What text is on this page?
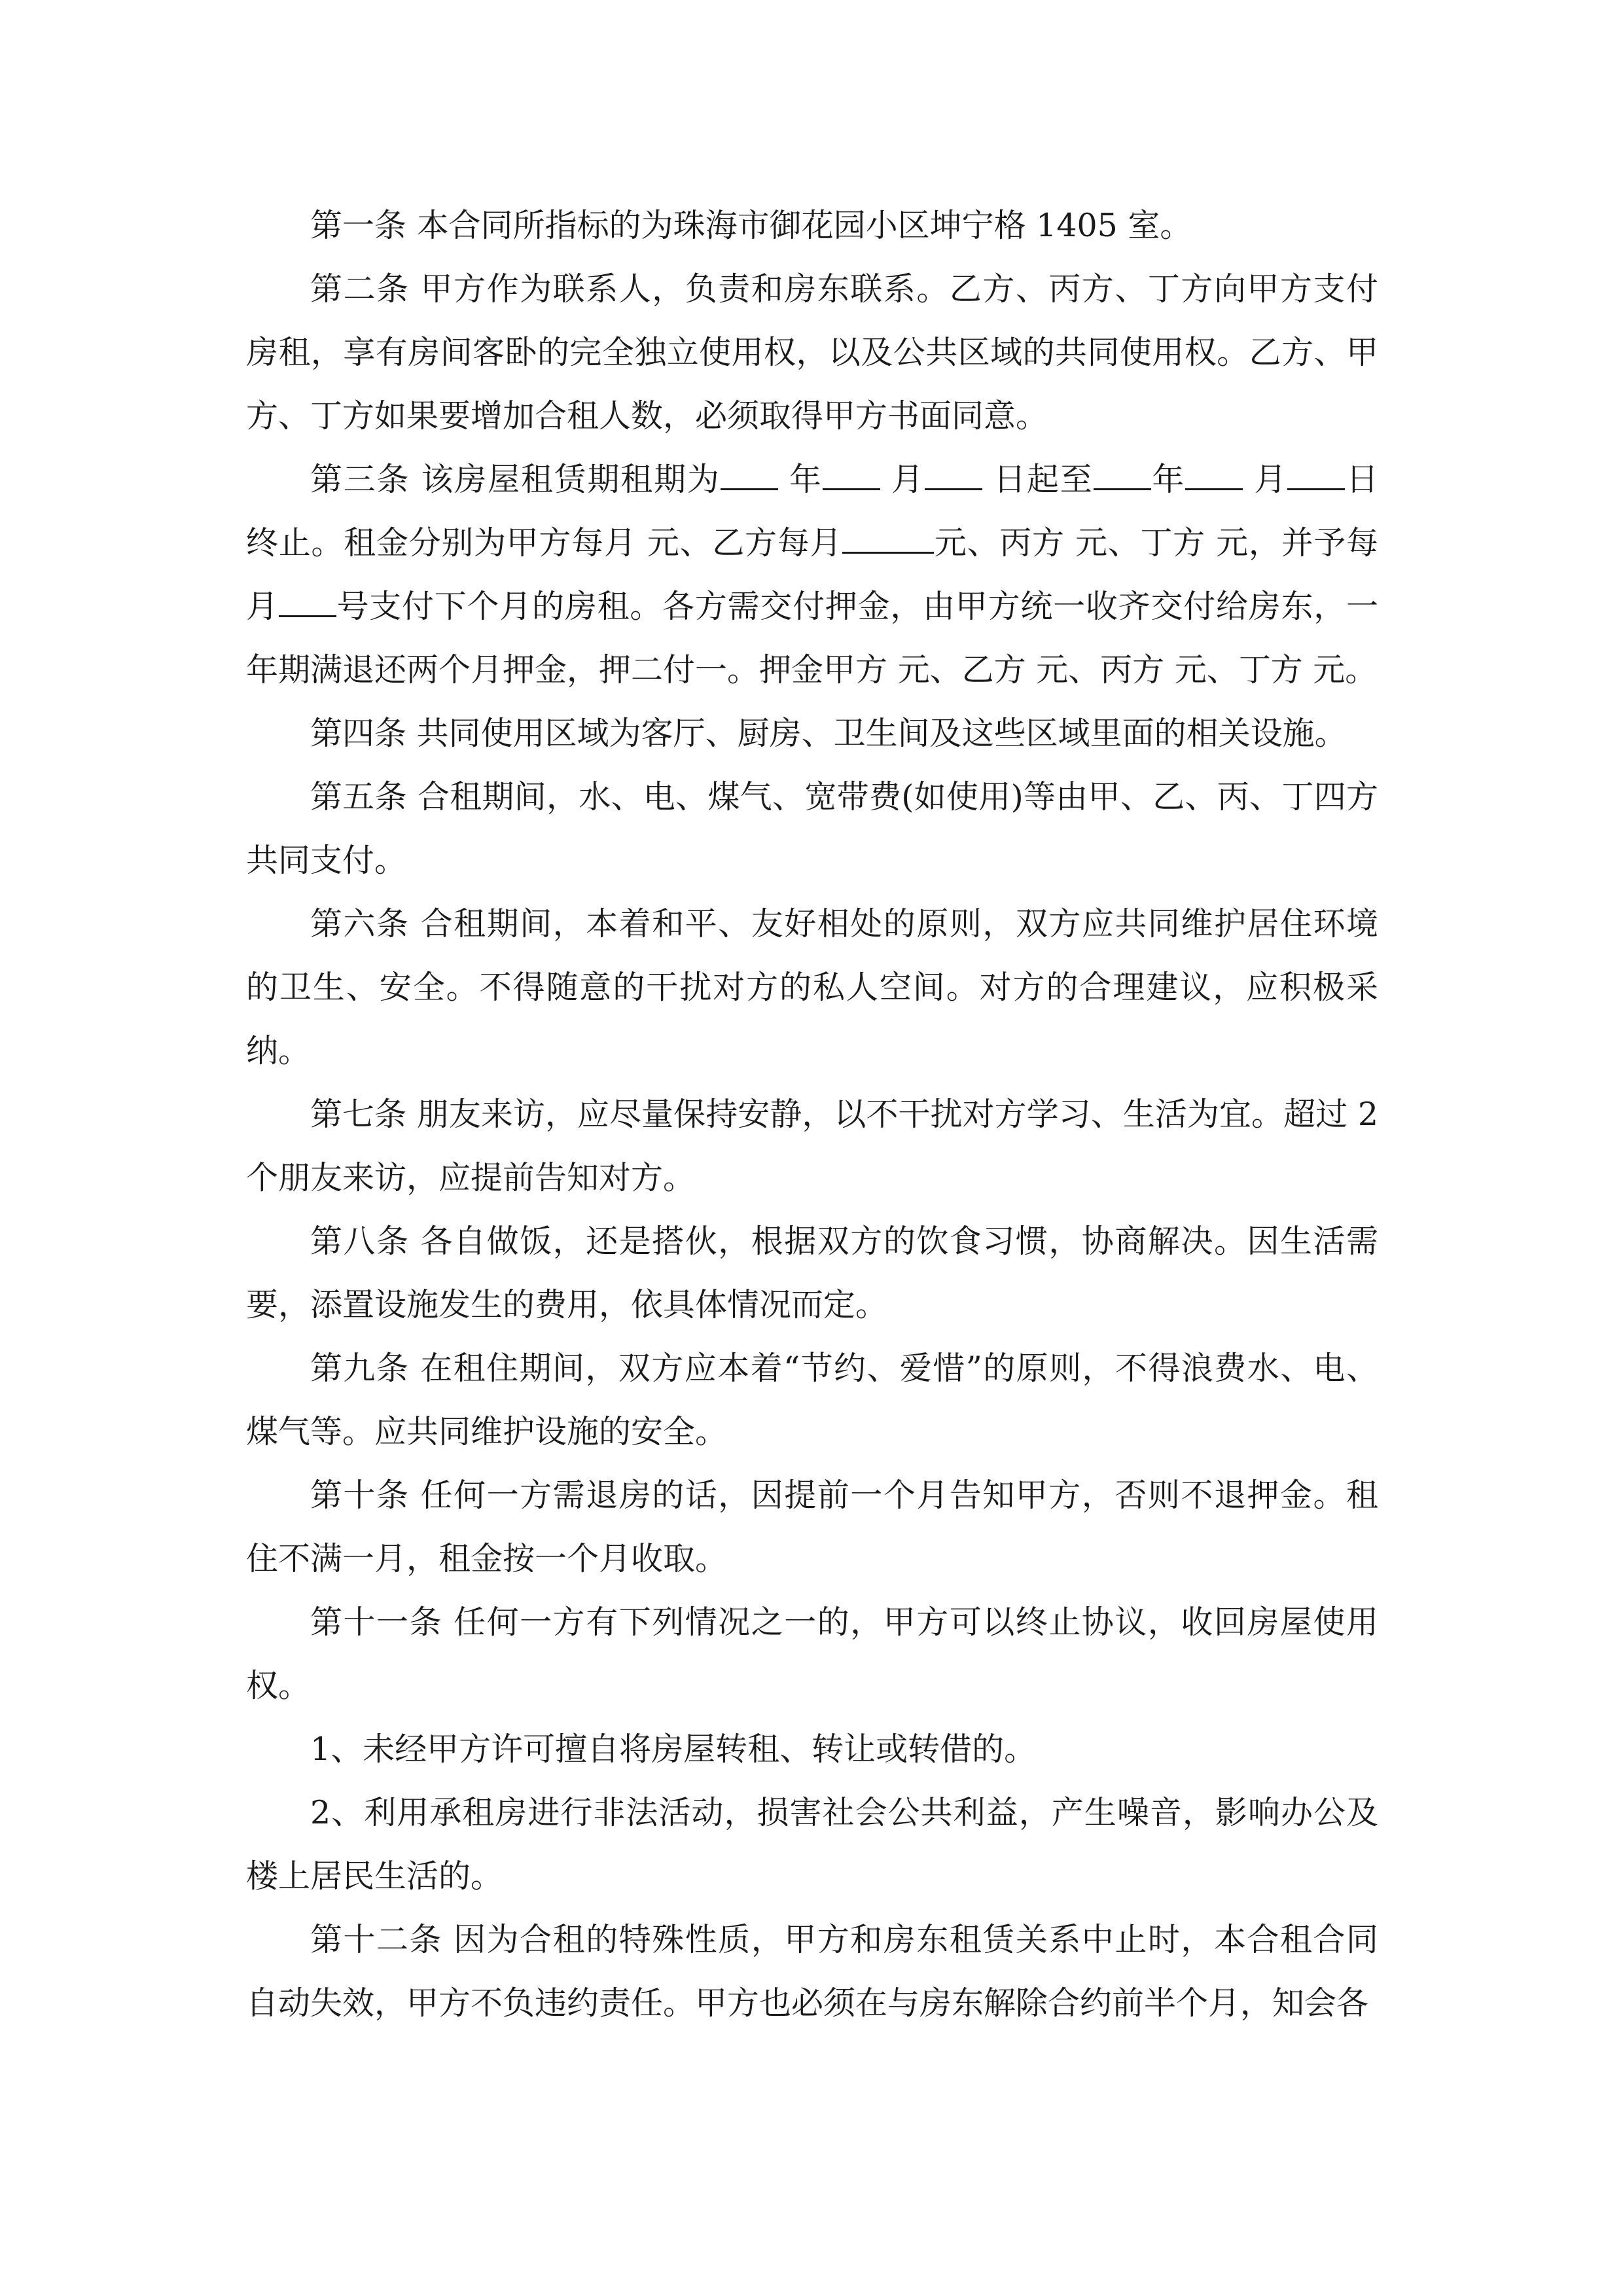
第一条 本合同所指标的为珠海市御花园小区坤宁格 1405 室。

第二条 甲方作为联系人，负责和房东联系。乙方、丙方、丁方向甲方支付房租，享有房间客卧的完全独立使用权，以及公共区域的共同使用权。乙方、甲方、丁方如果要增加合租人数，必须取得甲方书面同意。

第三条 该房屋租赁期租期为 年 月 日起至 年 月 日终止。租金分别为甲方每月 元、乙方每月	元、丙方 元、丁方 元，并予每月 号支付下个月的房租。各方需交付押金，由甲方统一收齐交付给房东，一年期满退还两个月押金，押二付一。押金甲方 元、乙方 元、丙方 元、丁方 元。

第四条 共同使用区域为客厅、厨房、卫生间及这些区域里面的相关设施。

第五条 合租期间，水、电、煤气、宽带费(如使用)等由甲、乙、丙、丁四方共同支付。

第六条 合租期间，本着和平、友好相处的原则，双方应共同维护居住环境的卫生、安全。不得随意的干扰对方的私人空间。对方的合理建议，应积极采纳。

第七条 朋友来访，应尽量保持安静，以不干扰对方学习、生活为宜。超过 2 个朋友来访，应提前告知对方。

第八条 各自做饭，还是搭伙，根据双方的饮食习惯，协商解决。因生活需要，添置设施发生的费用，依具体情况而定。

第九条 在租住期间，双方应本着“节约、爱惜”的原则，不得浪费水、电、煤气等。应共同维护设施的安全。

第十条 任何一方需退房的话，因提前一个月告知甲方，否则不退押金。租住不满一月，租金按一个月收取。

第十一条 任何一方有下列情况之一的，甲方可以终止协议，收回房屋使用权。

1、未经甲方许可擅自将房屋转租、转让或转借的。

2、利用承租房进行非法活动，损害社会公共利益，产生噪音，影响办公及楼上居民生活的。

第十二条 因为合租的特殊性质，甲方和房东租赁关系中止时，本合租合同自动失效，甲方不负违约责任。甲方也必须在与房东解除合约前半个月，知会各
